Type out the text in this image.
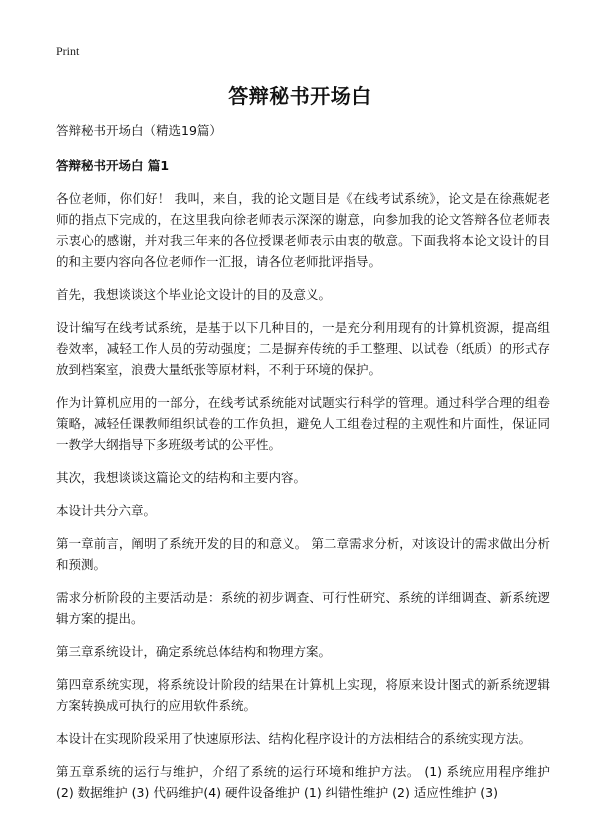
Print
答辩秘书开场白

答辩秘书开场白（精选19篇）

答辩秘书开场白 篇1

各位老师，你们好！ 我叫，来自，我的论文题目是《在线考试系统》，论文是在徐燕妮老师的指点下完成的，在这里我向徐老师表示深深的谢意，向参加我的论文答辩各位老师表示衷心的感谢，并对我三年来的各位授课老师表示由衷的敬意。下面我将本论文设计的目的和主要内容向各位老师作一汇报，请各位老师批评指导。

首先，我想谈谈这个毕业论文设计的目的及意义。

设计编写在线考试系统，是基于以下几种目的，一是充分利用现有的计算机资源，提高组卷效率，减轻工作人员的劳动强度；二是摒弃传统的手工整理、以试卷（纸质）的形式存放到档案室，浪费大量纸张等原材料，不利于环境的保护。

作为计算机应用的一部分，在线考试系统能对试题实行科学的管理。通过科学合理的组卷策略，减轻任课教师组织试卷的工作负担，避免人工组卷过程的主观性和片面性，保证同一教学大纲指导下多班级考试的公平性。

其次，我想谈谈这篇论文的结构和主要内容。

本设计共分六章。

第一章前言，阐明了系统开发的目的和意义。 第二章需求分析，对该设计的需求做出分析和预测。

需求分析阶段的主要活动是：系统的初步调查、可行性研究、系统的详细调查、新系统逻辑方案的提出。

第三章系统设计，确定系统总体结构和物理方案。

第四章系统实现，将系统设计阶段的结果在计算机上实现，将原来设计图式的新系统逻辑方案转换成可执行的应用软件系统。

本设计在实现阶段采用了快速原形法、结构化程序设计的方法相结合的系统实现方法。

第五章系统的运行与维护，介绍了系统的运行环境和维护方法。 (1) 系统应用程序维护 (2) 数据维护 (3) 代码维护(4) 硬件设备维护 (1) 纠错性维护 (2) 适应性维护 (3)
